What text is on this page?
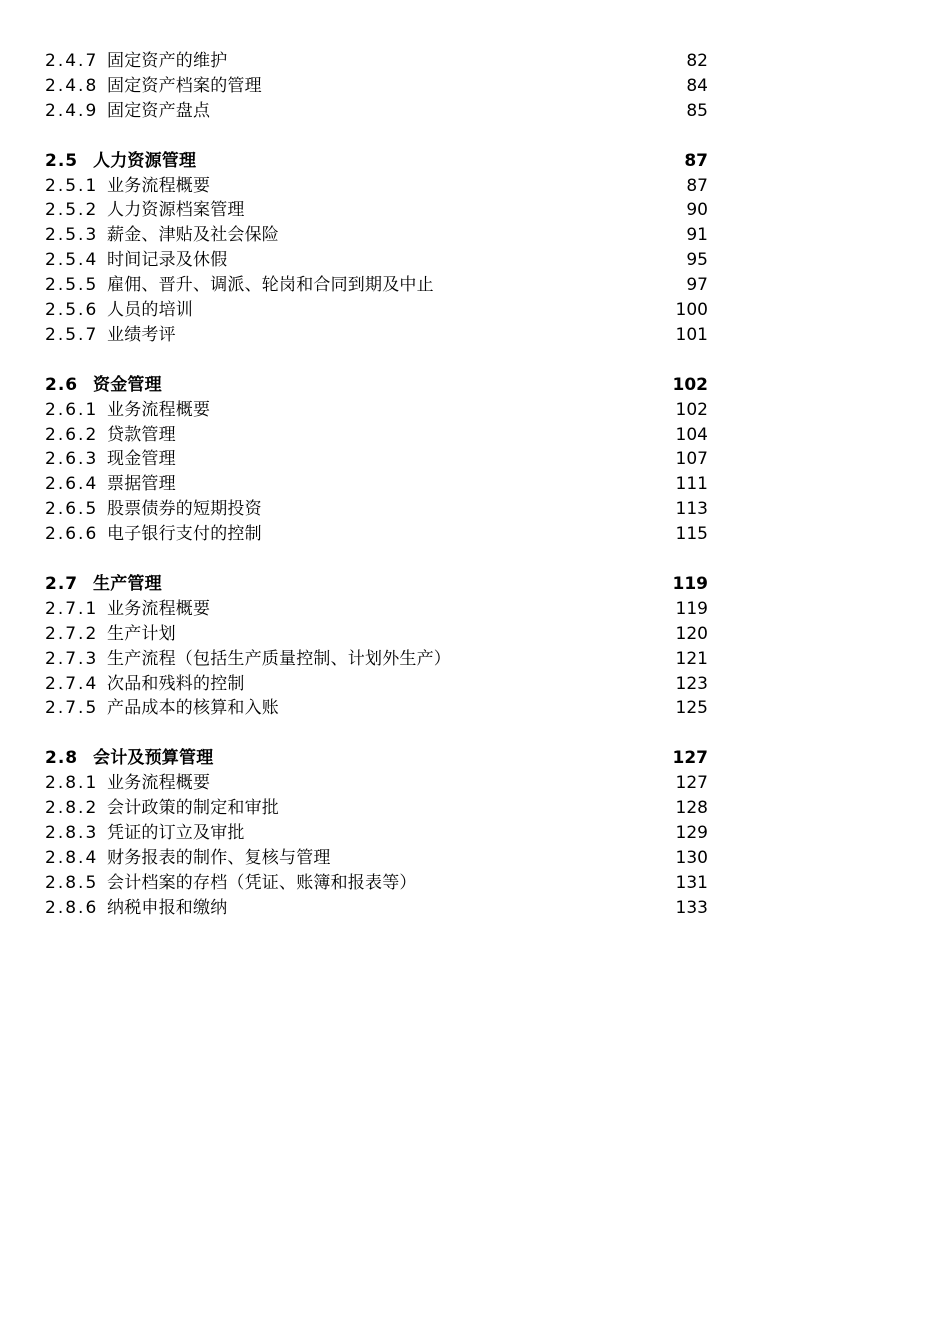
2.4.7 固定资产的维护	82
2.4.8 固定资产档案的管理	84
2.4.9 固定资产盘点	85
2.5 人力资源管理	87
2.5.1 业务流程概要	87
2.5.2 人力资源档案管理	90
2.5.3 薪金、津贴及社会保险	91
2.5.4 时间记录及休假	95
2.5.5 雇佣、晋升、调派、轮岗和合同到期及中止	97
2.5.6 人员的培训	100
2.5.7 业绩考评	101
2.6 资金管理	102
2.6.1 业务流程概要	102
2.6.2 贷款管理	104
2.6.3 现金管理	107
2.6.4 票据管理	111
2.6.5 股票债券的短期投资	113
2.6.6 电子银行支付的控制	115
2.7 生产管理	119
2.7.1 业务流程概要	119
2.7.2 生产计划	120
2.7.3 生产流程（包括生产质量控制、计划外生产）	121
2.7.4 次品和残料的控制	123
2.7.5 产品成本的核算和入账	125
2.8 会计及预算管理	127
2.8.1 业务流程概要	127
2.8.2 会计政策的制定和审批	128
2.8.3 凭证的订立及审批	129
2.8.4 财务报表的制作、复核与管理	130
2.8.5 会计档案的存档（凭证、账簿和报表等）	131
2.8.6 纳税申报和缴纳	133
